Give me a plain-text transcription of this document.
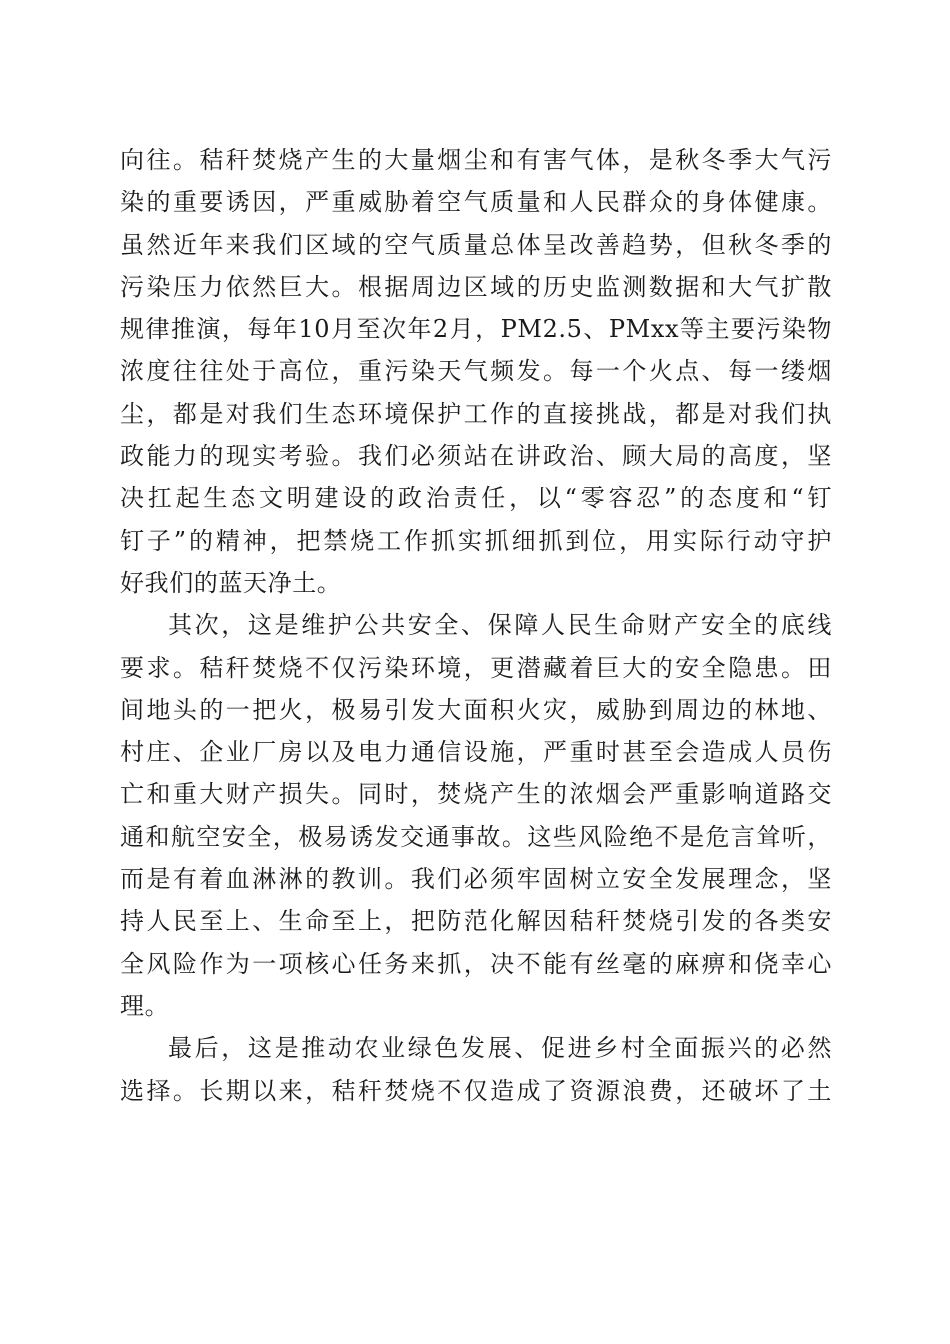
向往。秸秆焚烧产生的大量烟尘和有害气体，是秋冬季大气污
染的重要诱因，严重威胁着空气质量和人民群众的身体健康。
虽然近年来我们区域的空气质量总体呈改善趋势，但秋冬季的
污染压力依然巨大。根据周边区域的历史监测数据和大气扩散
规律推演，每年10月至次年2月，PM2.5、PMxx等主要污染物
浓度往往处于高位，重污染天气频发。每一个火点、每一缕烟
尘，都是对我们生态环境保护工作的直接挑战，都是对我们执
政能力的现实考验。我们必须站在讲政治、顾大局的高度，坚
决扛起生态文明建设的政治责任，以“零容忍”的态度和“钉
钉子”的精神，把禁烧工作抓实抓细抓到位，用实际行动守护
好我们的蓝天净土。
其次，这是维护公共安全、保障人民生命财产安全的底线
要求。秸秆焚烧不仅污染环境，更潜藏着巨大的安全隐患。田
间地头的一把火，极易引发大面积火灾，威胁到周边的林地、
村庄、企业厂房以及电力通信设施，严重时甚至会造成人员伤
亡和重大财产损失。同时，焚烧产生的浓烟会严重影响道路交
通和航空安全，极易诱发交通事故。这些风险绝不是危言耸听，
而是有着血淋淋的教训。我们必须牢固树立安全发展理念，坚
持人民至上、生命至上，把防范化解因秸秆焚烧引发的各类安
全风险作为一项核心任务来抓，决不能有丝毫的麻痹和侥幸心
理。
最后，这是推动农业绿色发展、促进乡村全面振兴的必然
选择。长期以来，秸秆焚烧不仅造成了资源浪费，还破坏了土
